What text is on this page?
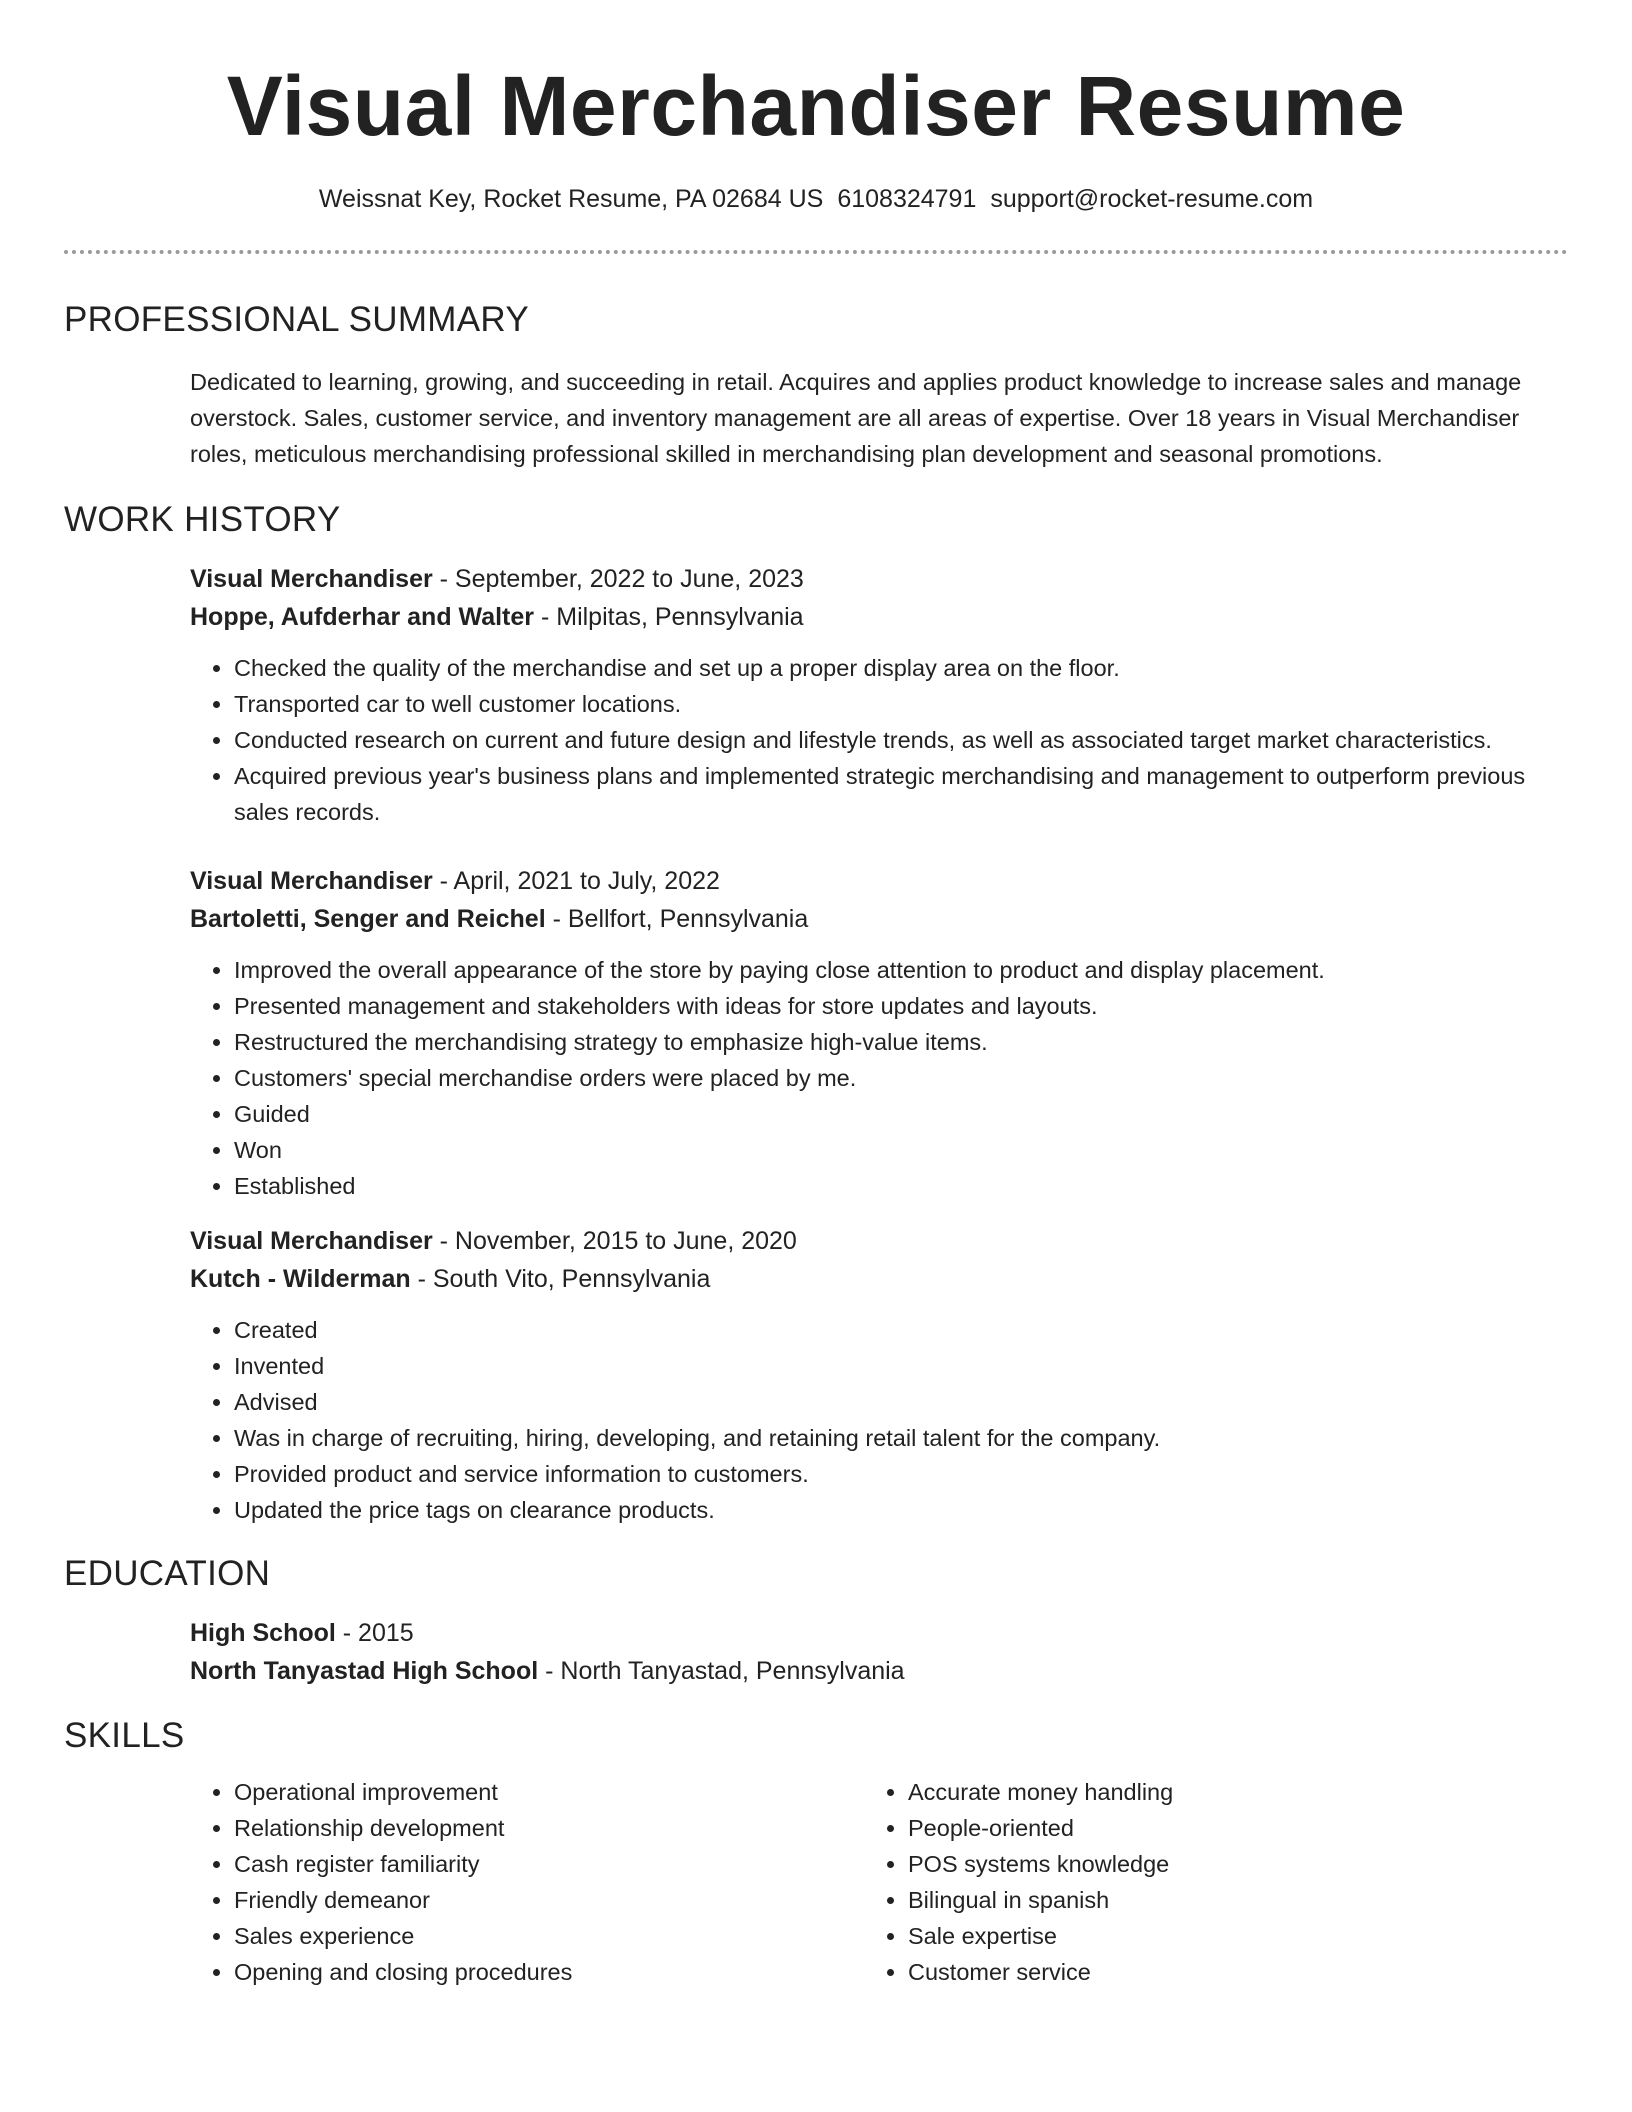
Visual Merchandiser Resume
Weissnat Key, Rocket Resume, PA 02684 US 6108324791 support@rocket-resume.com
PROFESSIONAL SUMMARY

Dedicated to learning, growing, and succeeding in retail. Acquires and applies product knowledge to increase sales and manage overstock. Sales, customer service, and inventory management are all areas of expertise. Over 18 years in Visual Merchandiser roles, meticulous merchandising professional skilled in merchandising plan development and seasonal promotions.

WORK HISTORY

Visual Merchandiser - September, 2022 to June, 2023

Hoppe, Aufderhar and Walter - Milpitas, Pennsylvania

• Checked the quality of the merchandise and set up a proper display area on the floor.
• Transported car to well customer locations.
• Conducted research on current and future design and lifestyle trends, as well as associated target market characteristics.
• Acquired previous year's business plans and implemented strategic merchandising and management to outperform previous sales records.

Visual Merchandiser - April, 2021 to July, 2022

Bartoletti, Senger and Reichel - Bellfort, Pennsylvania

• Improved the overall appearance of the store by paying close attention to product and display placement.
• Presented management and stakeholders with ideas for store updates and layouts.
• Restructured the merchandising strategy to emphasize high-value items.
• Customers' special merchandise orders were placed by me.
• Guided
• Won
• Established

Visual Merchandiser - November, 2015 to June, 2020

Kutch - Wilderman - South Vito, Pennsylvania

• Created
• Invented
• Advised
• Was in charge of recruiting, hiring, developing, and retaining retail talent for the company.
• Provided product and service information to customers.
• Updated the price tags on clearance products.
EDUCATION

High School - 2015

North Tanyastad High School - North Tanyastad, Pennsylvania

SKILLS
• Operational improvement
• Relationship development
• Cash register familiarity
• Friendly demeanor
• Sales experience
• Opening and closing procedures
• Accurate money handling
• People-oriented
• POS systems knowledge
• Bilingual in spanish
• Sale expertise
• Customer service
